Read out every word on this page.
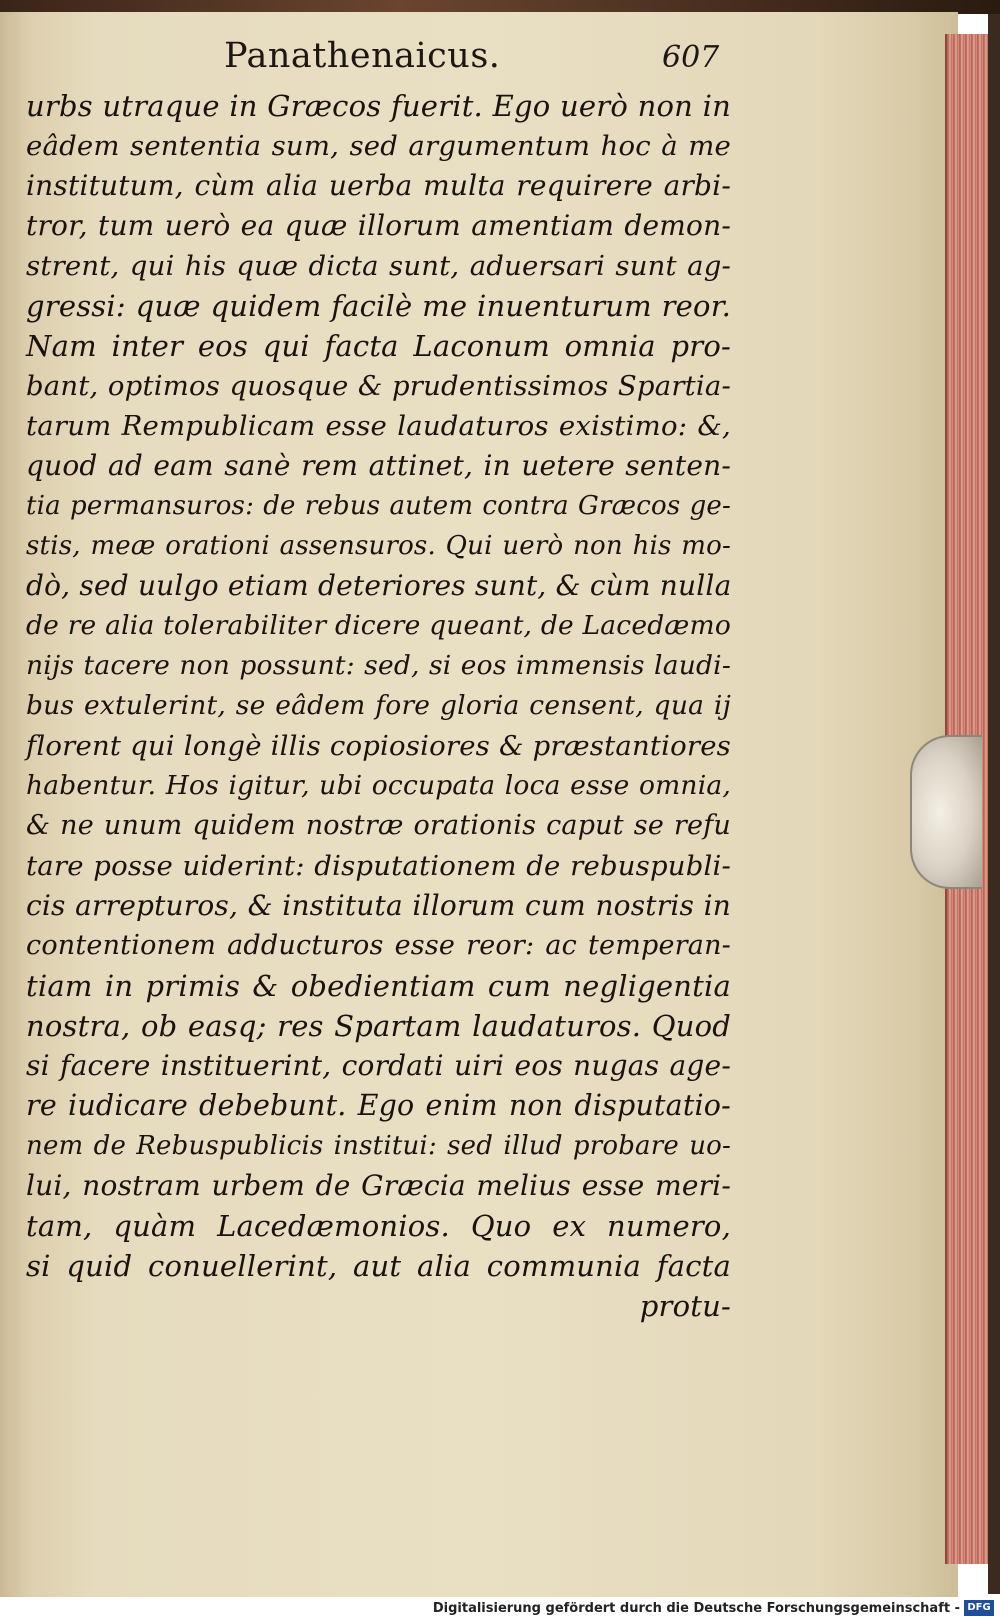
Panathenaicus.	607
urbs utraque in Græcos fuerit. Ego uerò non in
eâdem sententia sum, sed argumentum hoc à me
institutum, cùm alia uerba multa requirere arbi-
tror, tum uerò ea quæ illorum amentiam demon-
strent, qui his quæ dicta sunt, aduersari sunt ag-
gressi: quæ quidem facilè me inuenturum reor.
Nam inter eos qui facta Laconum omnia pro-
bant, optimos quosque & prudentissimos Spartia-
tarum Rempublicam esse laudaturos existimo: &,
quod ad eam sanè rem attinet, in uetere senten-
tia permansuros: de rebus autem contra Græcos ge-
stis, meæ orationi assensuros. Qui uerò non his mo-
dò, sed uulgo etiam deteriores sunt, & cùm nulla
de re alia tolerabiliter dicere queant, de Lacedæmo
nijs tacere non possunt: sed, si eos immensis laudi-
bus extulerint, se eâdem fore gloria censent, qua ij
florent qui longè illis copiosiores & præstantiores
habentur. Hos igitur, ubi occupata loca esse omnia,
& ne unum quidem nostræ orationis caput se refu
tare posse uiderint: disputationem de rebuspubli-
cis arrepturos, & instituta illorum cum nostris in
contentionem adducturos esse reor: ac temperan-
tiam in primis & obedientiam cum negligentia
nostra, ob easq; res Spartam laudaturos. Quod
si facere instituerint, cordati uiri eos nugas age-
re iudicare debebunt. Ego enim non disputatio-
nem de Rebuspublicis institui: sed illud probare uo-
lui, nostram urbem de Græcia melius esse meri-
tam, quàm Lacedæmonios. Quo ex numero,
si quid conuellerint, aut alia communia facta
protu-
Digitalisierung gefördert durch die Deutsche Forschungsgemeinschaft - DFG
